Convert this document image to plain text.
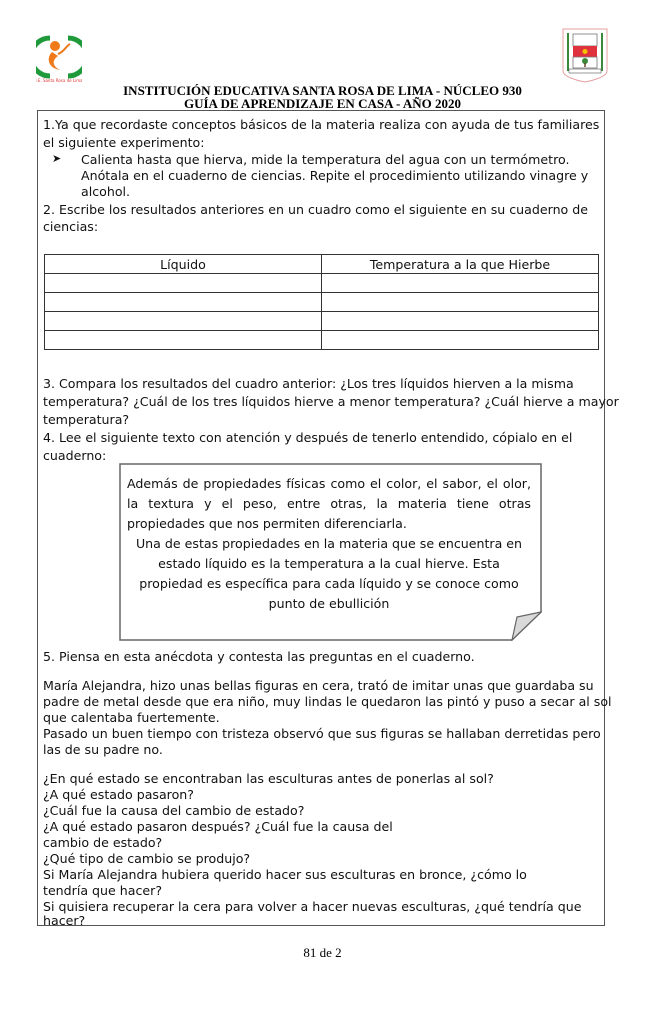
I.E. Santa Rosa de Lima
INSTITUCIÓN EDUCATIVA SANTA ROSA DE LIMA - NÚCLEO 930
GUÍA DE APRENDIZAJE EN CASA - AÑO 2020
1.Ya que recordaste conceptos básicos de la materia realiza con ayuda de tus familiares
el siguiente experimento:
➤ Calienta hasta que hierva, mide la temperatura del agua con un termómetro.
Anótala en el cuaderno de ciencias. Repite el procedimiento utilizando vinagre y
alcohol.
2. Escribe los resultados anteriores en un cuadro como el siguiente en su cuaderno de
ciencias:
Líquido	Temperatura a la que Hierbe

3. Compara los resultados del cuadro anterior: ¿Los tres líquidos hierven a la misma
temperatura? ¿Cuál de los tres líquidos hierve a menor temperatura? ¿Cuál hierve a mayor
temperatura?
4. Lee el siguiente texto con atención y después de tenerlo entendido, cópialo en el
cuaderno:
Además de propiedades físicas como el color, el sabor, el olor, la textura y el peso, entre otras, la materia tiene otras propiedades que nos permiten diferenciarla.
Una de estas propiedades en la materia que se encuentra en estado líquido es la temperatura a la cual hierve. Esta propiedad es específica para cada líquido y se conoce como punto de ebullición
5. Piensa en esta anécdota y contesta las preguntas en el cuaderno.
María Alejandra, hizo unas bellas figuras en cera, trató de imitar unas que guardaba su
padre de metal desde que era niño, muy lindas le quedaron las pintó y puso a secar al sol
que calentaba fuertemente.
Pasado un buen tiempo con tristeza observó que sus figuras se hallaban derretidas pero
las de su padre no.
¿En qué estado se encontraban las esculturas antes de ponerlas al sol?
¿A qué estado pasaron?
¿Cuál fue la causa del cambio de estado?
¿A qué estado pasaron después? ¿Cuál fue la causa del
cambio de estado?
¿Qué tipo de cambio se produjo?
Si María Alejandra hubiera querido hacer sus esculturas en bronce, ¿cómo lo
tendría que hacer?
Si quisiera recuperar la cera para volver a hacer nuevas esculturas, ¿qué tendría que
hacer?
81 de 2
